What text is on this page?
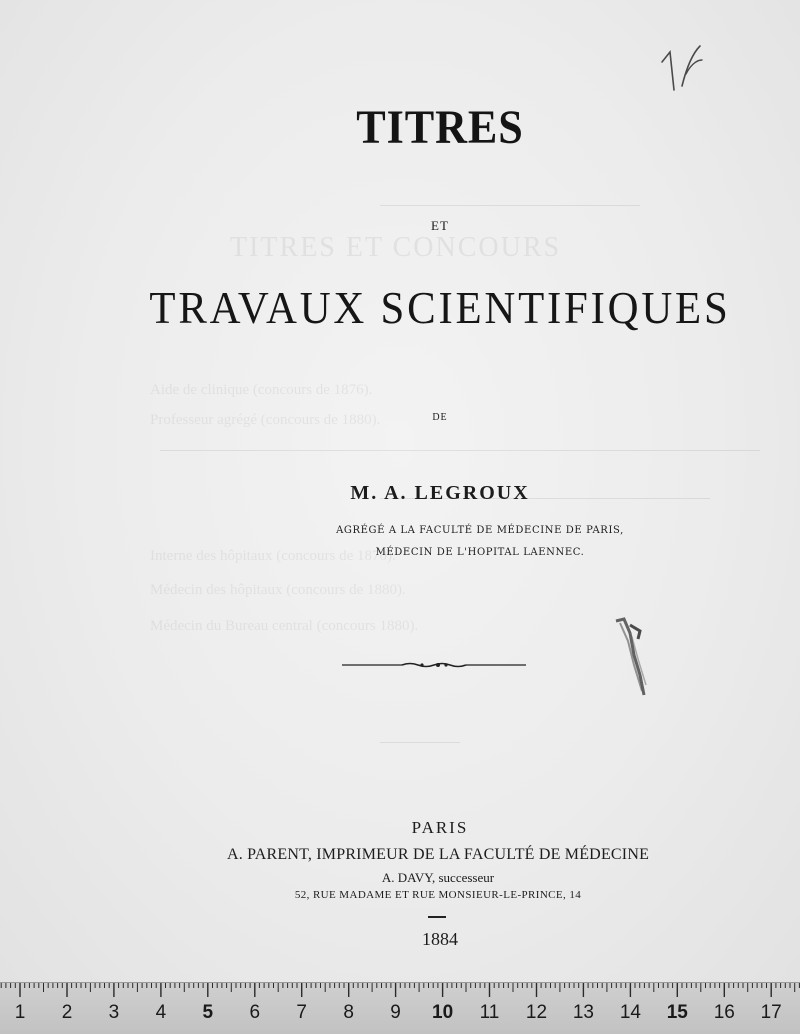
TITRES ET CONCOURS
Aide de clinique (concours de 1876).
Professeur agrégé (concours de 1880).
Interne des hôpitaux (concours de 1870).
Médecin des hôpitaux (concours de 1880).
Médecin du Bureau central (concours 1880).
TITRES
ET
TRAVAUX SCIENTIFIQUES
DE
M. A. LEGROUX
AGRÉGÉ A LA FACULTÉ DE MÉDECINE DE PARIS,
MÉDECIN DE L'HOPITAL LAENNEC.
PARIS
A. PARENT, IMPRIMEUR DE LA FACULTÉ DE MÉDECINE
A. DAVY, successeur
52, RUE MADAME ET RUE MONSIEUR-LE-PRINCE, 14
1884
1	2	3	4	5	6	7	8	9	10 11 12 13 14 15 16 17
